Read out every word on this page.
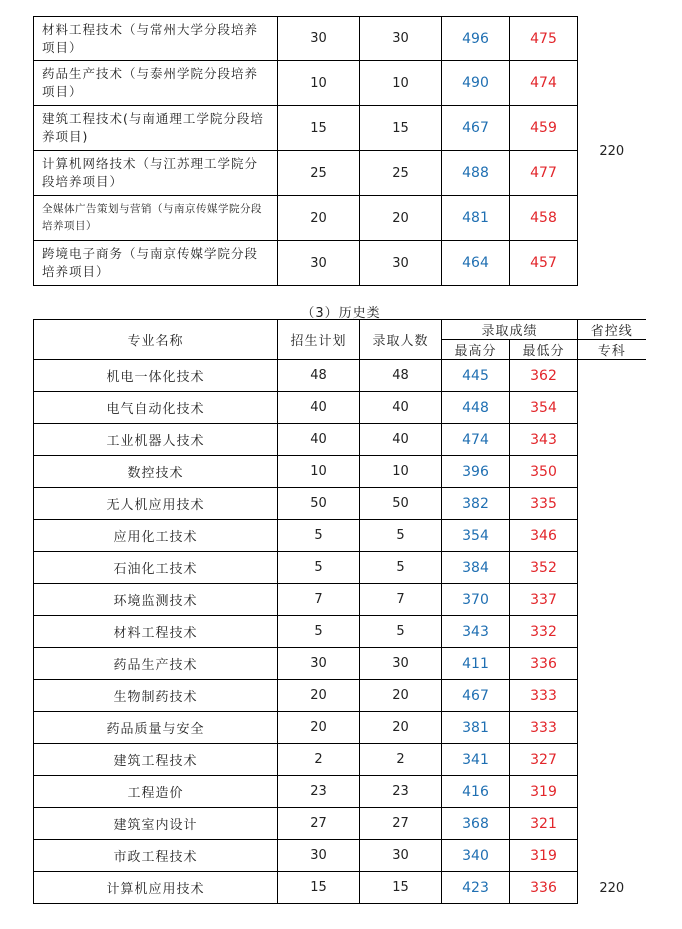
材料工程技术（与常州大学分段培养项目）	30	30	496	475	220
药品生产技术（与泰州学院分段培养项目）	10	10	490	474	
建筑工程技术(与南通理工学院分段培养项目)	15	15	467	459	
计算机网络技术（与江苏理工学院分段培养项目）	25	25	488	477	
全媒体广告策划与营销（与南京传媒学院分段培养项目）	20	20	481	458	
跨境电子商务（与南京传媒学院分段培养项目）	30	30	464	457	
（3）历史类
专业名称	招生计划	录取人数	录取成绩		省控线
			最高分	最低分	专科
机电一体化技术	48	48	445	362	220
电气自动化技术	40	40	448	354	
工业机器人技术	40	40	474	343	
数控技术	10	10	396	350	
无人机应用技术	50	50	382	335	
应用化工技术	5	5	354	346	
石油化工技术	5	5	384	352	
环境监测技术	7	7	370	337	
材料工程技术	5	5	343	332	
药品生产技术	30	30	411	336	
生物制药技术	20	20	467	333	
药品质量与安全	20	20	381	333	
建筑工程技术	2	2	341	327	
工程造价	23	23	416	319	
建筑室内设计	27	27	368	321	
市政工程技术	30	30	340	319	
计算机应用技术	15	15	423	336	
